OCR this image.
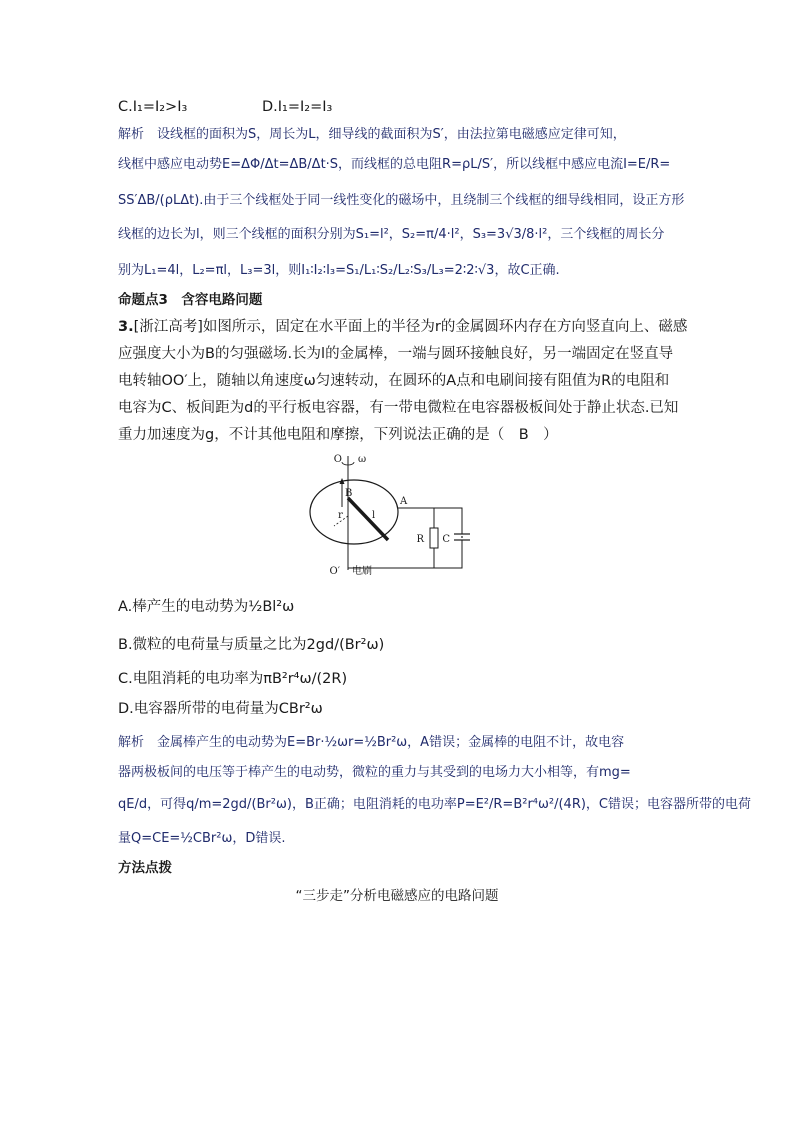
C.I₁=I₂>I₃	D.I₁=I₂=I₃
解析　设线框的面积为S，周长为L，细导线的截面积为S′，由法拉第电磁感应定律可知，
线框中感应电动势E=ΔΦ/Δt=ΔB/Δt·S，而线框的总电阻R=ρL/S′，所以线框中感应电流I=E/R=
SS′ΔB/(ρLΔt).由于三个线框处于同一线性变化的磁场中，且绕制三个线框的细导线相同，设正方形
线框的边长为l，则三个线框的面积分别为S₁=l²，S₂=π/4·l²，S₃=3√3/8·l²，三个线框的周长分
别为L₁=4l，L₂=πl，L₃=3l，则I₁∶I₂∶I₃=S₁/L₁∶S₂/L₂∶S₃/L₃=2∶2∶√3，故C正确.
命题点3　含容电路问题
3.[浙江高考]如图所示，固定在水平面上的半径为r的金属圆环内存在方向竖直向上、磁感
应强度大小为B的匀强磁场.长为l的金属棒，一端与圆环接触良好，另一端固定在竖直导
电转轴OO′上，随轴以角速度ω匀速转动，在圆环的A点和电刷间接有阻值为R的电阻和
电容为C、板间距为d的平行板电容器，有一带电微粒在电容器极板间处于静止状态.已知
重力加速度为g，不计其他电阻和摩擦，下列说法正确的是（　B　）
O ω
B
r	l
A
R C
O′ 电刷
A.棒产生的电动势为½Bl²ω
B.微粒的电荷量与质量之比为2gd/(Br²ω)
C.电阻消耗的电功率为πB²r⁴ω/(2R)
D.电容器所带的电荷量为CBr²ω
解析　金属棒产生的电动势为E=Br·½ωr=½Br²ω，A错误；金属棒的电阻不计，故电容
器两极板间的电压等于棒产生的电动势，微粒的重力与其受到的电场力大小相等，有mg=
qE/d，可得q/m=2gd/(Br²ω)，B正确；电阻消耗的电功率P=E²/R=B²r⁴ω²/(4R)，C错误；电容器所带的电荷
量Q=CE=½CBr²ω，D错误.
方法点拨
“三步走”分析电磁感应的电路问题
